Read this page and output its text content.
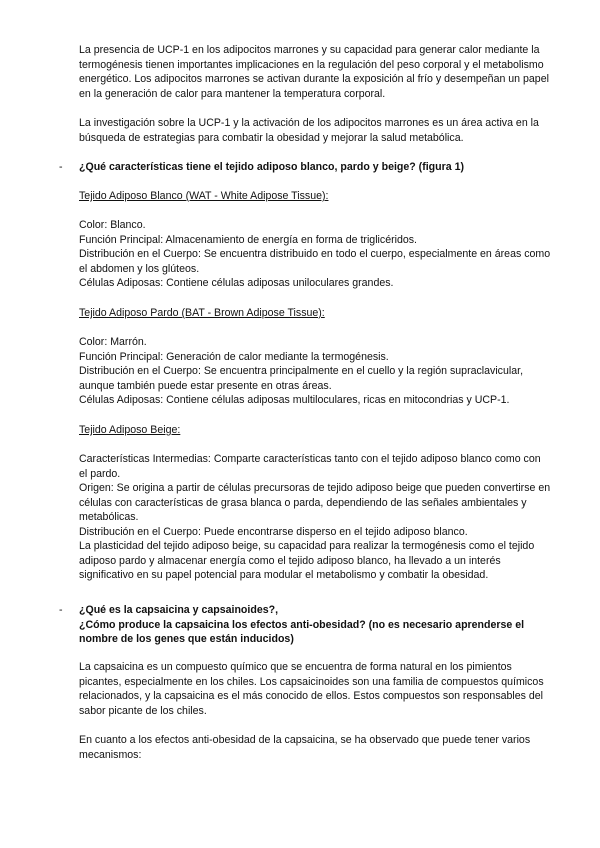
La presencia de UCP-1 en los adipocitos marrones y su capacidad para generar calor mediante la termogénesis tienen importantes implicaciones en la regulación del peso corporal y el metabolismo energético. Los adipocitos marrones se activan durante la exposición al frío y desempeñan un papel en la generación de calor para mantener la temperatura corporal.

La investigación sobre la UCP-1 y la activación de los adipocitos marrones es un área activa en la búsqueda de estrategias para combatir la obesidad y mejorar la salud metabólica.

- ¿Qué características tiene el tejido adiposo blanco, pardo y beige? (figura 1)

Tejido Adiposo Blanco (WAT - White Adipose Tissue):

Color: Blanco.

Función Principal: Almacenamiento de energía en forma de triglicéridos.

Distribución en el Cuerpo: Se encuentra distribuido en todo el cuerpo, especialmente en áreas como el abdomen y los glúteos.

Células Adiposas: Contiene células adiposas uniloculares grandes.

Tejido Adiposo Pardo (BAT - Brown Adipose Tissue):

Color: Marrón.

Función Principal: Generación de calor mediante la termogénesis.

Distribución en el Cuerpo: Se encuentra principalmente en el cuello y la región supraclavicular, aunque también puede estar presente en otras áreas.

Células Adiposas: Contiene células adiposas multiloculares, ricas en mitocondrias y UCP-1.

Tejido Adiposo Beige:

Características Intermedias: Comparte características tanto con el tejido adiposo blanco como con el pardo.

Origen: Se origina a partir de células precursoras de tejido adiposo beige que pueden convertirse en células con características de grasa blanca o parda, dependiendo de las señales ambientales y metabólicas.

Distribución en el Cuerpo: Puede encontrarse disperso en el tejido adiposo blanco.

La plasticidad del tejido adiposo beige, su capacidad para realizar la termogénesis como el tejido adiposo pardo y almacenar energía como el tejido adiposo blanco, ha llevado a un interés significativo en su papel potencial para modular el metabolismo y combatir la obesidad.

- ¿Qué es la capsaicina y capsainoides?,

¿Cómo produce la capsaicina los efectos anti-obesidad? (no es necesario aprenderse el nombre de los genes que están inducidos)

La capsaicina es un compuesto químico que se encuentra de forma natural en los pimientos picantes, especialmente en los chiles. Los capsaicinoides son una familia de compuestos químicos relacionados, y la capsaicina es el más conocido de ellos. Estos compuestos son responsables del sabor picante de los chiles.

En cuanto a los efectos anti-obesidad de la capsaicina, se ha observado que puede tener varios mecanismos:
